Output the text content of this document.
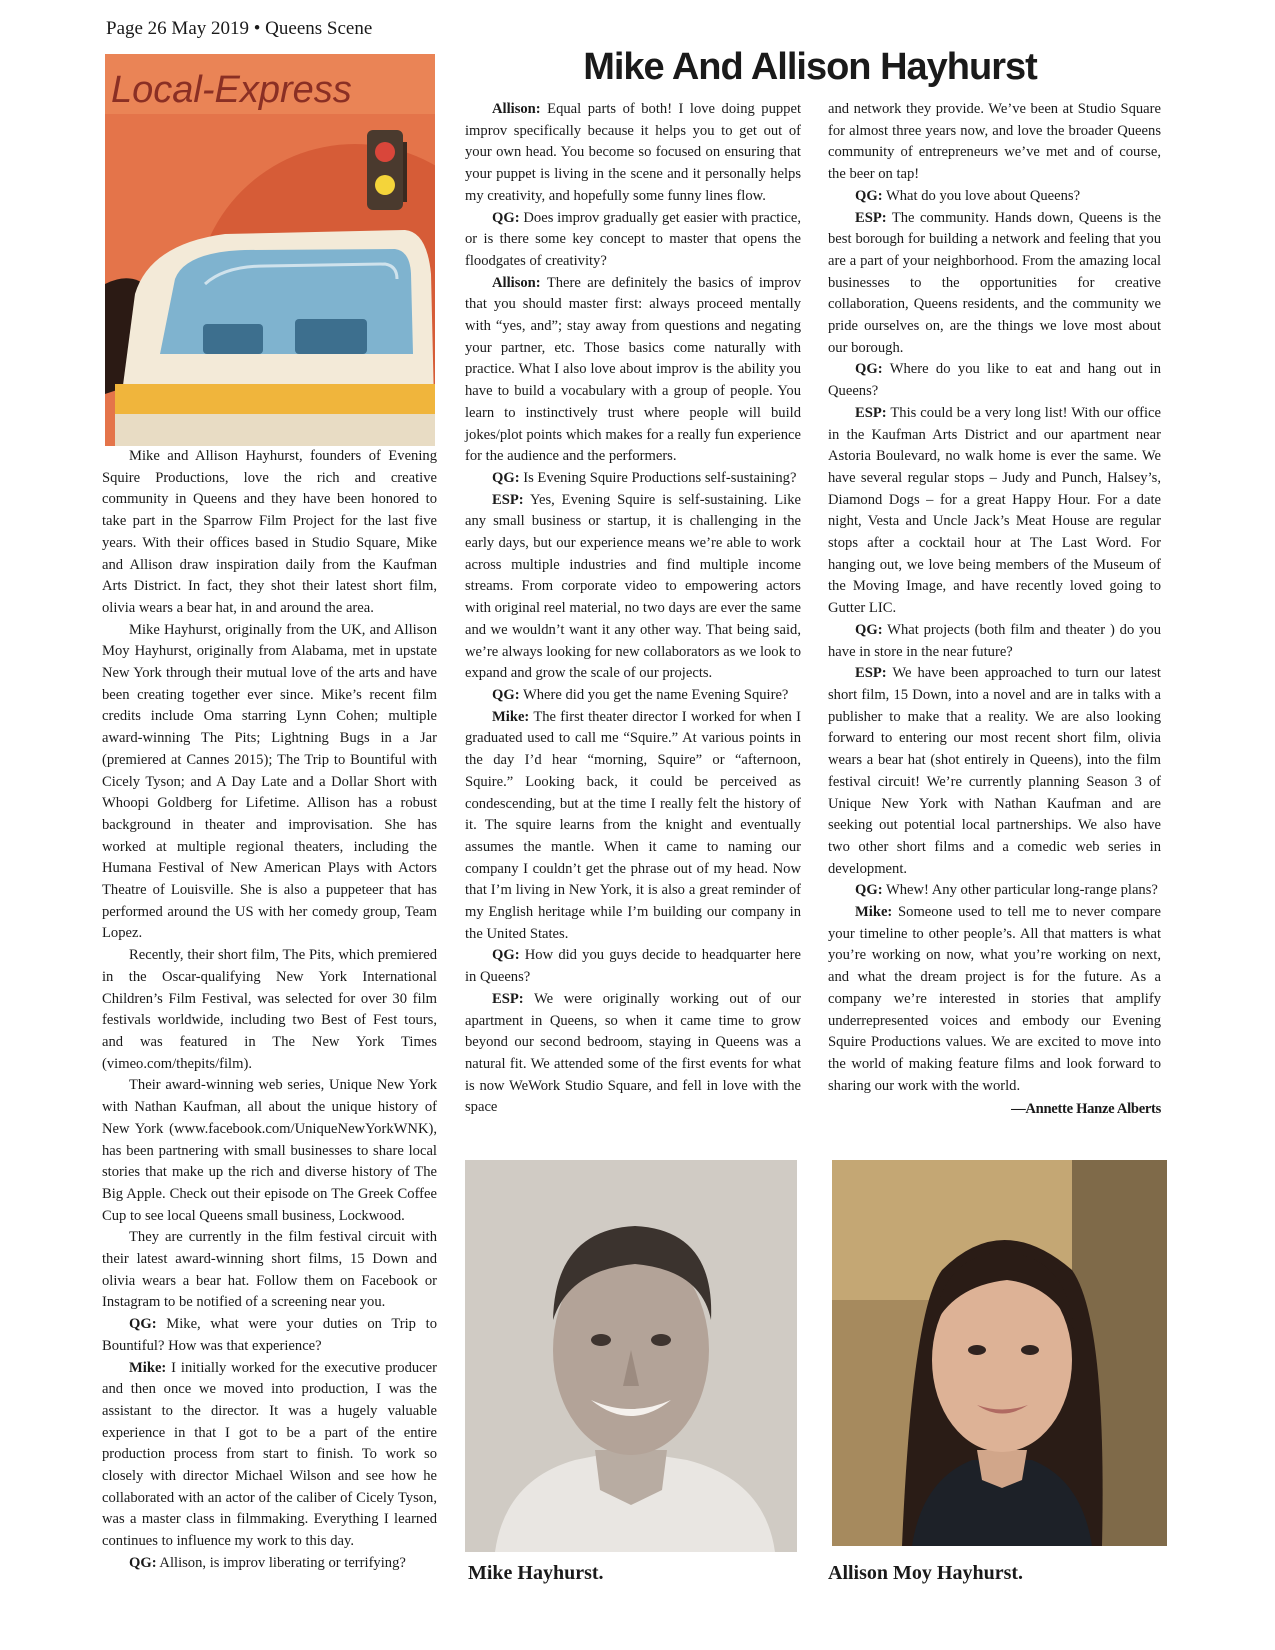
Page 26 May 2019 • Queens Scene
Mike And Allison Hayhurst
Local-Express

Mike and Allison Hayhurst, founders of Evening Squire Productions, love the rich and creative community in Queens and they have been honored to take part in the Sparrow Film Project for the last five years. With their offices based in Studio Square, Mike and Allison draw inspiration daily from the Kaufman Arts District. In fact, they shot their latest short film, olivia wears a bear hat, in and around the area.

Mike Hayhurst, originally from the UK, and Allison Moy Hayhurst, originally from Alabama, met in upstate New York through their mutual love of the arts and have been creating together ever since. Mike’s recent film credits include Oma starring Lynn Cohen; multiple award-winning The Pits; Lightning Bugs in a Jar (premiered at Cannes 2015); The Trip to Bountiful with Cicely Tyson; and A Day Late and a Dollar Short with Whoopi Goldberg for Lifetime. Allison has a robust background in theater and improvisation. She has worked at multiple regional theaters, including the Humana Festival of New American Plays with Actors Theatre of Louisville. She is also a puppeteer that has performed around the US with her comedy group, Team Lopez.

Recently, their short film, The Pits, which premiered in the Oscar-qualifying New York International Children’s Film Festival, was selected for over 30 film festivals worldwide, including two Best of Fest tours, and was featured in The New York Times (vimeo.com/thepits/film).

Their award-winning web series, Unique New York with Nathan Kaufman, all about the unique history of New York (www.facebook.com/UniqueNewYorkWNK), has been partnering with small businesses to share local stories that make up the rich and diverse history of The Big Apple. Check out their episode on The Greek Coffee Cup to see local Queens small business, Lockwood.

They are currently in the film festival circuit with their latest award-winning short films, 15 Down and olivia wears a bear hat. Follow them on Facebook or Instagram to be notified of a screening near you.

QG: Mike, what were your duties on Trip to Bountiful? How was that experience?

Mike: I initially worked for the executive producer and then once we moved into production, I was the assistant to the director. It was a hugely valuable experience in that I got to be a part of the entire production process from start to finish. To work so closely with director Michael Wilson and see how he collaborated with an actor of the caliber of Cicely Tyson, was a master class in filmmaking. Everything I learned continues to influence my work to this day.

QG: Allison, is improv liberating or terrifying?

Allison: Equal parts of both! I love doing puppet improv specifically because it helps you to get out of your own head. You become so focused on ensuring that your puppet is living in the scene and it personally helps my creativity, and hopefully some funny lines flow.

QG: Does improv gradually get easier with practice, or is there some key concept to master that opens the floodgates of creativity?

Allison: There are definitely the basics of improv that you should master first: always proceed mentally with “yes, and”; stay away from questions and negating your partner, etc. Those basics come naturally with practice. What I also love about improv is the ability you have to build a vocabulary with a group of people. You learn to instinctively trust where people will build jokes/plot points which makes for a really fun experience for the audience and the performers.

QG: Is Evening Squire Productions self-sustaining?

ESP: Yes, Evening Squire is self-sustaining. Like any small business or startup, it is challenging in the early days, but our experience means we’re able to work across multiple industries and find multiple income streams. From corporate video to empowering actors with original reel material, no two days are ever the same and we wouldn’t want it any other way. That being said, we’re always looking for new collaborators as we look to expand and grow the scale of our projects.

QG: Where did you get the name Evening Squire?

Mike: The first theater director I worked for when I graduated used to call me “Squire.” At various points in the day I’d hear “morning, Squire” or “afternoon, Squire.” Looking back, it could be perceived as condescending, but at the time I really felt the history of it. The squire learns from the knight and eventually assumes the mantle. When it came to naming our company I couldn’t get the phrase out of my head. Now that I’m living in New York, it is also a great reminder of my English heritage while I’m building our company in the United States.

QG: How did you guys decide to headquarter here in Queens?

ESP: We were originally working out of our apartment in Queens, so when it came time to grow beyond our second bedroom, staying in Queens was a natural fit. We attended some of the first events for what is now WeWork Studio Square, and fell in love with the space

and network they provide. We’ve been at Studio Square for almost three years now, and love the broader Queens community of entrepreneurs we’ve met and of course, the beer on tap!

QG: What do you love about Queens?

ESP: The community. Hands down, Queens is the best borough for building a network and feeling that you are a part of your neighborhood. From the amazing local businesses to the opportunities for creative collaboration, Queens residents, and the community we pride ourselves on, are the things we love most about our borough.

QG: Where do you like to eat and hang out in Queens?

ESP: This could be a very long list! With our office in the Kaufman Arts District and our apartment near Astoria Boulevard, no walk home is ever the same. We have several regular stops – Judy and Punch, Halsey’s, Diamond Dogs – for a great Happy Hour. For a date night, Vesta and Uncle Jack’s Meat House are regular stops after a cocktail hour at The Last Word. For hanging out, we love being members of the Museum of the Moving Image, and have recently loved going to Gutter LIC.

QG: What projects (both film and theater ) do you have in store in the near future?

ESP: We have been approached to turn our latest short film, 15 Down, into a novel and are in talks with a publisher to make that a reality. We are also looking forward to entering our most recent short film, olivia wears a bear hat (shot entirely in Queens), into the film festival circuit! We’re currently planning Season 3 of Unique New York with Nathan Kaufman and are seeking out potential local partnerships. We also have two other short films and a comedic web series in development.

QG: Whew! Any other particular long-range plans?

Mike: Someone used to tell me to never compare your timeline to other people’s. All that matters is what you’re working on now, what you’re working on next, and what the dream project is for the future. As a company we’re interested in stories that amplify underrepresented voices and embody our Evening Squire Productions values. We are excited to move into the world of making feature films and look forward to sharing our work with the world.

—Annette Hanze Alberts

Mike Hayhurst.	Allison Moy Hayhurst.
